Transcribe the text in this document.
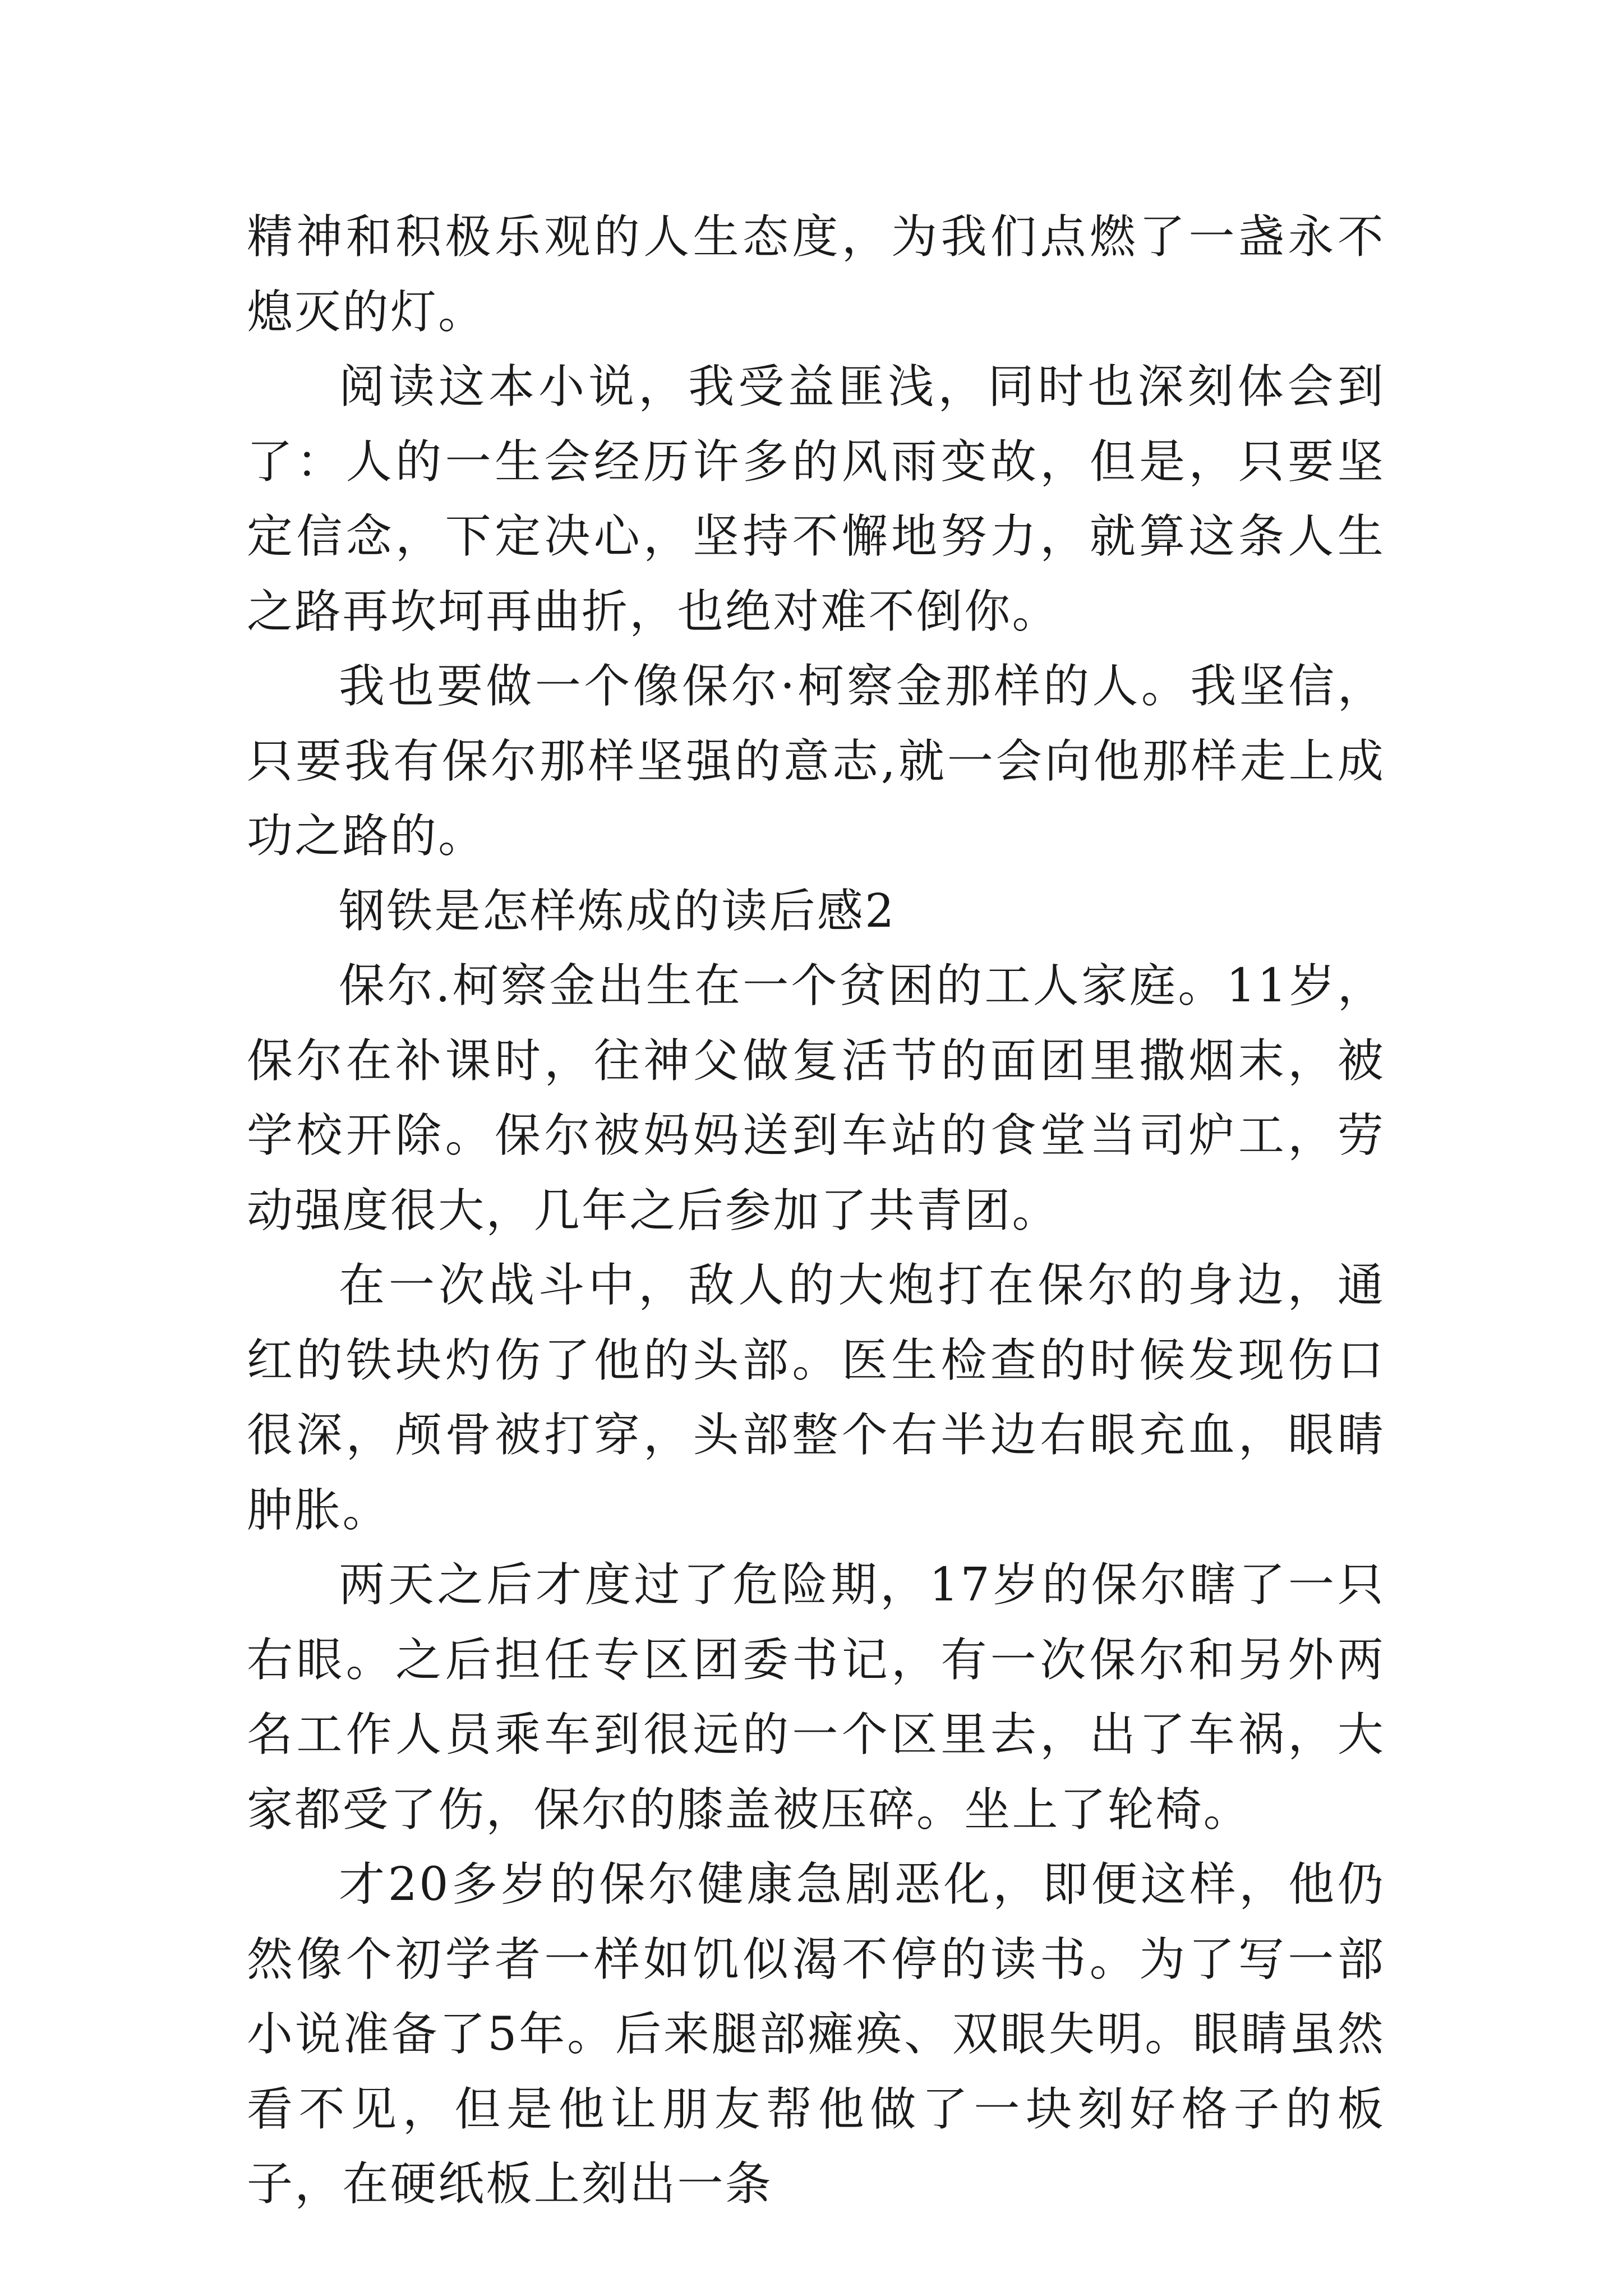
精神和积极乐观的人生态度，为我们点燃了一盏永不熄灭的灯。

阅读这本小说，我受益匪浅，同时也深刻体会到了：人的一生会经历许多的风雨变故，但是，只要坚定信念，下定决心，坚持不懈地努力，就算这条人生之路再坎坷再曲折，也绝对难不倒你。

我也要做一个像保尔·柯察金那样的人。我坚信，只要我有保尔那样坚强的意志,就一会向他那样走上成功之路的。

钢铁是怎样炼成的读后感2

保尔.柯察金出生在一个贫困的工人家庭。11岁，保尔在补课时，往神父做复活节的面团里撒烟末，被学校开除。保尔被妈妈送到车站的食堂当司炉工，劳动强度很大，几年之后参加了共青团。

在一次战斗中，敌人的大炮打在保尔的身边，通红的铁块灼伤了他的头部。医生检查的时候发现伤口很深，颅骨被打穿，头部整个右半边右眼充血，眼睛肿胀。

两天之后才度过了危险期，17岁的保尔瞎了一只右眼。之后担任专区团委书记，有一次保尔和另外两名工作人员乘车到很远的一个区里去，出了车祸，大家都受了伤，保尔的膝盖被压碎。坐上了轮椅。

才20多岁的保尔健康急剧恶化，即便这样，他仍然像个初学者一样如饥似渴不停的读书。为了写一部小说准备了5年。后来腿部瘫痪、双眼失明。眼睛虽然看不见，但是他让朋友帮他做了一块刻好格子的板子，在硬纸板上刻出一条
